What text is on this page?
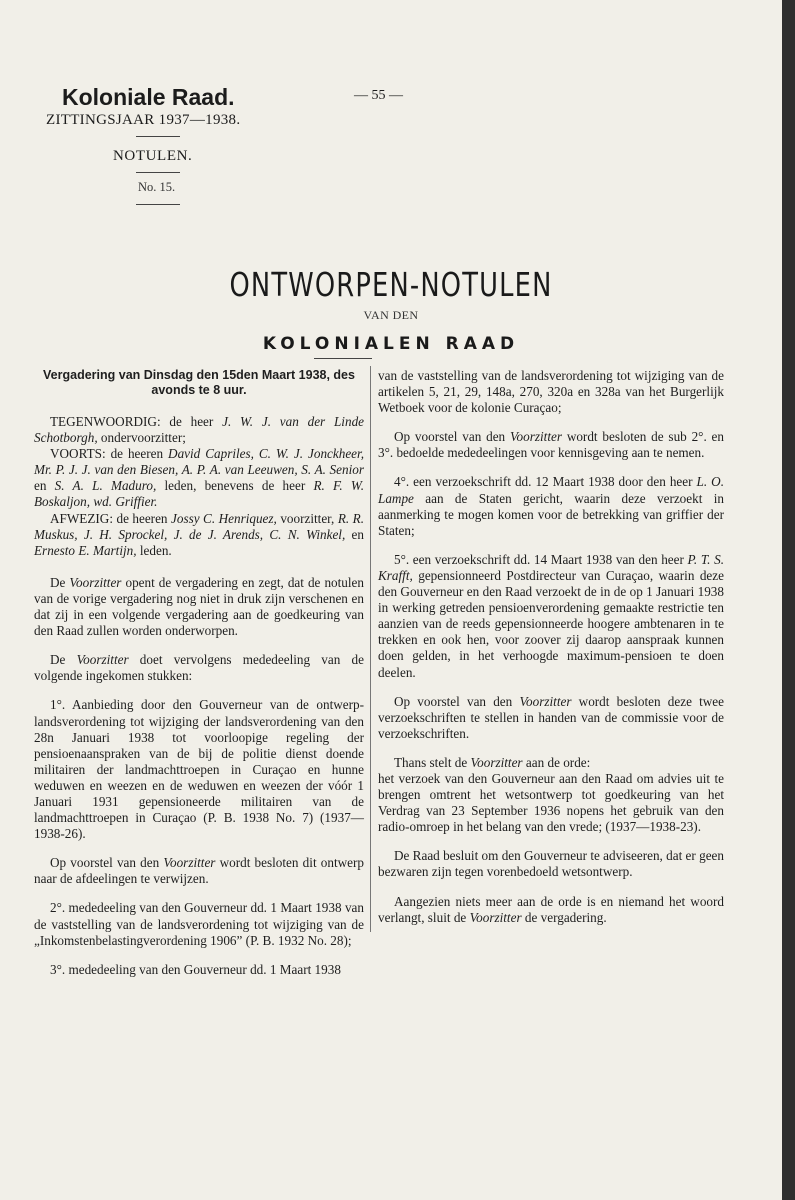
Koloniale Raad.
ZITTINGSJAAR 1937—1938.
— 55 —
NOTULEN.
No. 15.
ONTWORPEN-NOTULEN
VAN DEN
KOLONIALEN RAAD
Vergadering van Dinsdag den 15den Maart 1938, des avonds te 8 uur.

TEGENWOORDIG: de heer J. W. J. van der Linde Schotborgh, ondervoorzitter;

VOORTS: de heeren David Capriles, C. W. J. Jonckheer, Mr. P. J. J. van den Biesen, A. P. A. van Leeuwen, S. A. Senior en S. A. L. Maduro, leden, benevens de heer R. F. W. Boskaljon, wd. Griffier.

AFWEZIG: de heeren Jossy C. Henriquez, voorzitter, R. R. Muskus, J. H. Sprockel, J. de J. Arends, C. N. Winkel, en Ernesto E. Martijn, leden.

De Voorzitter opent de vergadering en zegt, dat de notulen van de vorige vergadering nog niet in druk zijn verschenen en dat zij in een volgende vergadering aan de goedkeuring van den Raad zullen worden onderworpen.

De Voorzitter doet vervolgens mededeeling van de volgende ingekomen stukken:

1°. Aanbieding door den Gouverneur van de ontwerp-landsverordening tot wijziging der landsverordening van den 28n Januari 1938 tot voorloopige regeling der pensioenaanspraken van de bij de politie dienst doende militairen der landmachttroepen in Curaçao en hunne weduwen en weezen en de weduwen en weezen der vóór 1 Januari 1931 gepensioneerde militairen van de landmachttroepen in Curaçao (P. B. 1938 No. 7) (1937—1938-26).

Op voorstel van den Voorzitter wordt besloten dit ontwerp naar de afdeelingen te verwijzen.

2°. mededeeling van den Gouverneur dd. 1 Maart 1938 van de vaststelling van de landsverordening tot wijziging van de „Inkomstenbelastingverordening 1906” (P. B. 1932 No. 28);

3°. mededeeling van den Gouverneur dd. 1 Maart 1938

van de vaststelling van de landsverordening tot wijziging van de artikelen 5, 21, 29, 148a, 270, 320a en 328a van het Burgerlijk Wetboek voor de kolonie Curaçao;

Op voorstel van den Voorzitter wordt besloten de sub 2°. en 3°. bedoelde mededeelingen voor kennisgeving aan te nemen.

4°. een verzoekschrift dd. 12 Maart 1938 door den heer L. O. Lampe aan de Staten gericht, waarin deze verzoekt in aanmerking te mogen komen voor de betrekking van griffier der Staten;

5°. een verzoekschrift dd. 14 Maart 1938 van den heer P. T. S. Krafft, gepensionneerd Postdirecteur van Curaçao, waarin deze den Gouverneur en den Raad verzoekt de in de op 1 Januari 1938 in werking getreden pensioenverordening gemaakte restrictie ten aanzien van de reeds gepensionneerde hoogere ambtenaren in te trekken en ook hen, voor zoover zij daarop aanspraak kunnen doen gelden, in het verhoogde maximum-pensioen te doen deelen.

Op voorstel van den Voorzitter wordt besloten deze twee verzoekschriften te stellen in handen van de commissie voor de verzoekschriften.

Thans stelt de Voorzitter aan de orde:

het verzoek van den Gouverneur aan den Raad om advies uit te brengen omtrent het wetsontwerp tot goedkeuring van het Verdrag van 23 September 1936 nopens het gebruik van den radio-omroep in het belang van den vrede; (1937—1938-23).

De Raad besluit om den Gouverneur te adviseeren, dat er geen bezwaren zijn tegen vorenbedoeld wetsontwerp.

Aangezien niets meer aan de orde is en niemand het woord verlangt, sluit de Voorzitter de vergadering.
